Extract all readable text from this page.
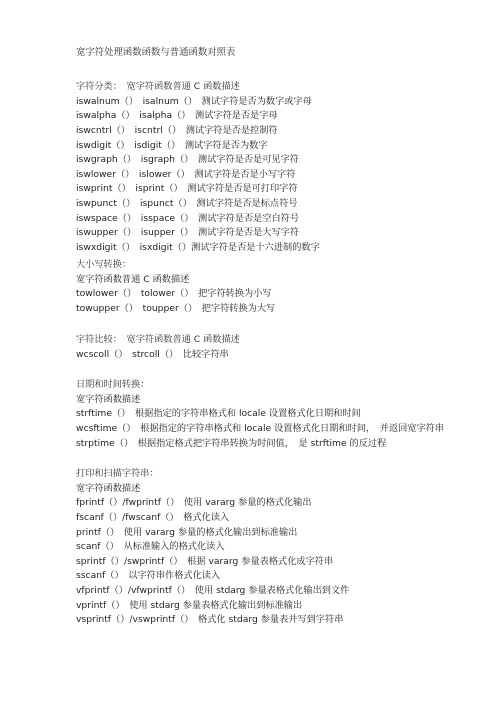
宽字符处理函数函数与普通函数对照表
字符分类：　宽字符函数普通 C 函数描述
iswalnum（）　isalnum（）　测试字符是否为数字或字母
iswalpha（）　isalpha（）　测试字符是否是字母
iswcntrl（）　iscntrl（）　测试字符是否是控制符
iswdigit（）　isdigit（）　测试字符是否为数字
iswgraph（）　isgraph（）　测试字符是否是可见字符
iswlower（）　islower（）　测试字符是否是小写字符
iswprint（）　isprint（）　测试字符是否是可打印字符
iswpunct（）　ispunct（）　测试字符是否是标点符号
iswspace（）　isspace（）　测试字符是否是空白符号
iswupper（）　isupper（）　测试字符是否是大写字符
iswxdigit（）　isxdigit（）测试字符是否是十六进制的数字
大小写转换：
宽字符函数普通 C 函数描述
towlower（）　tolower（）　把字符转换为小写
towupper（）　toupper（）　把字符转换为大写
字符比较：　宽字符函数普通 C 函数描述
wcscoll（）　strcoll（）　比较字符串
日期和时间转换：
宽字符函数描述
strftime（）　根据指定的字符串格式和 locale 设置格式化日期和时间
wcsftime（）　根据指定的字符串格式和 locale 设置格式化日期和时间，　并返回宽字符串
strptime（）　根据指定格式把字符串转换为时间值，　是 strftime 的反过程
打印和扫描字符串：
宽字符函数描述
fprintf（）/fwprintf（）　使用 vararg 参量的格式化输出
fscanf（）/fwscanf（）　格式化读入
printf（）　使用 vararg 参量的格式化输出到标准输出
scanf（）　从标准输入的格式化读入
sprintf（）/swprintf（）　根据 vararg 参量表格式化成字符串
sscanf（）　以字符串作格式化读入
vfprintf（）/vfwprintf（）　使用 stdarg 参量表格式化输出到文件
vprintf（）　使用 stdarg 参量表格式化输出到标准输出
vsprintf（）/vswprintf（）　格式化 stdarg 参量表并写到字符串
